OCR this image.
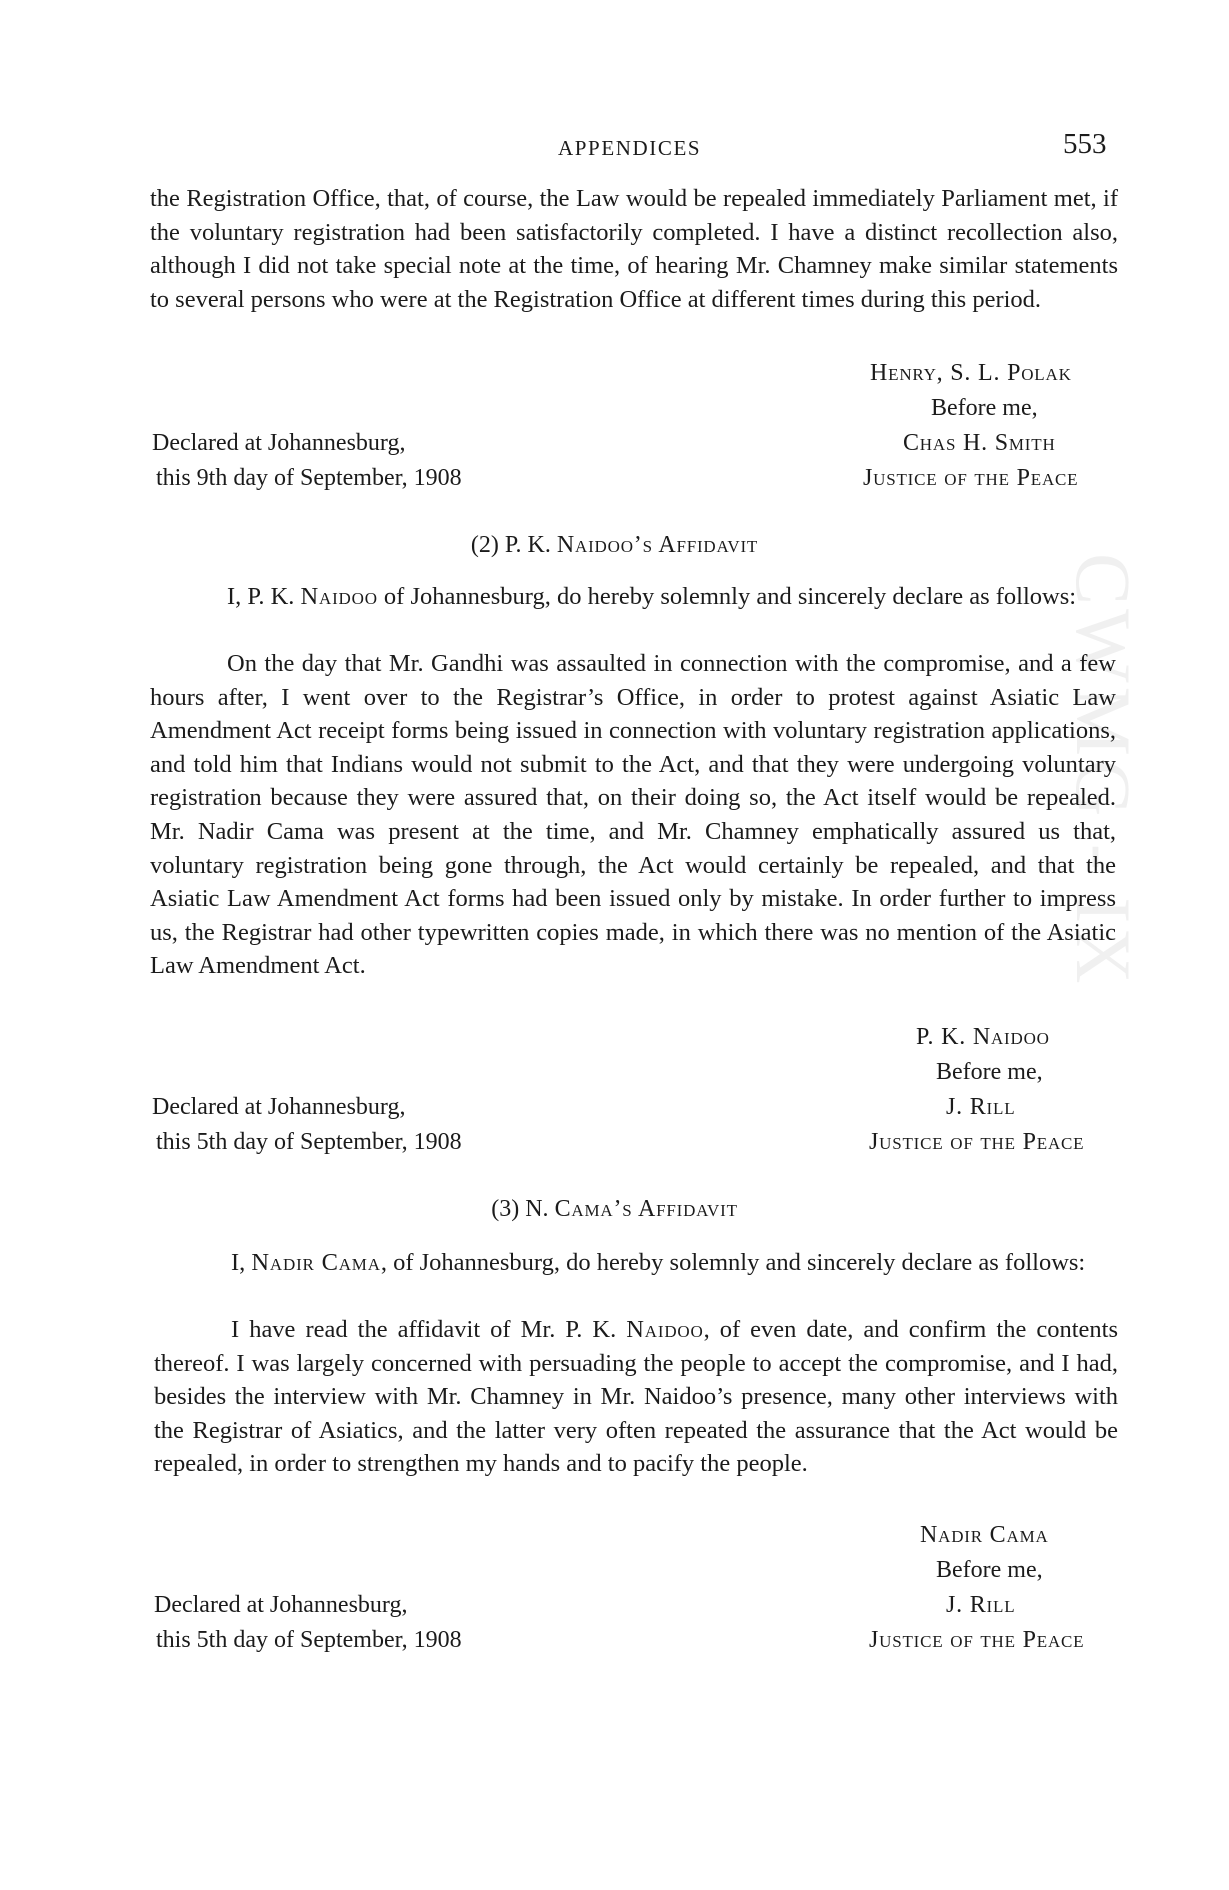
CWMG - IX
APPENDICES	553

the Registration Office, that, of course, the Law would be repealed immediately Parliament met, if the voluntary registration had been satisfactorily completed. I have a distinct recollection also, although I did not take special note at the time, of hearing Mr. Chamney make similar statements to several persons who were at the Registration Office at different times during this period.

Henry, S. L. Polak
Before me,
Declared at Johannesburg,	Chas H. Smith
this 9th day of September, 1908	Justice of the Peace
(2) P. K. Naidoo’s Affidavit

I, P. K. Naidoo of Johannesburg, do hereby solemnly and sincerely declare as follows:

On the day that Mr. Gandhi was assaulted in connection with the compromise, and a few hours after, I went over to the Registrar’s Office, in order to protest against Asiatic Law Amendment Act receipt forms being issued in connection with voluntary registration applications, and told him that Indians would not submit to the Act, and that they were undergoing voluntary registration because they were assured that, on their doing so, the Act itself would be repealed. Mr. Nadir Cama was present at the time, and Mr. Chamney emphatically assured us that, voluntary registration being gone through, the Act would certainly be repealed, and that the Asiatic Law Amendment Act forms had been issued only by mistake. In order further to impress us, the Registrar had other typewritten copies made, in which there was no mention of the Asiatic Law Amendment Act.

P. K. Naidoo
Before me,
Declared at Johannesburg,	J. Rill
this 5th day of September, 1908	Justice of the Peace
(3) N. Cama’s Affidavit

I, Nadir Cama, of Johannesburg, do hereby solemnly and sincerely declare as follows:

I have read the affidavit of Mr. P. K. Naidoo, of even date, and confirm the contents thereof. I was largely concerned with persuading the people to accept the compromise, and I had, besides the interview with Mr. Chamney in Mr. Naidoo’s presence, many other interviews with the Registrar of Asiatics, and the latter very often repeated the assurance that the Act would be repealed, in order to strengthen my hands and to pacify the people.

Nadir Cama
Before me,
Declared at Johannesburg,	J. Rill
this 5th day of September, 1908	Justice of the Peace
